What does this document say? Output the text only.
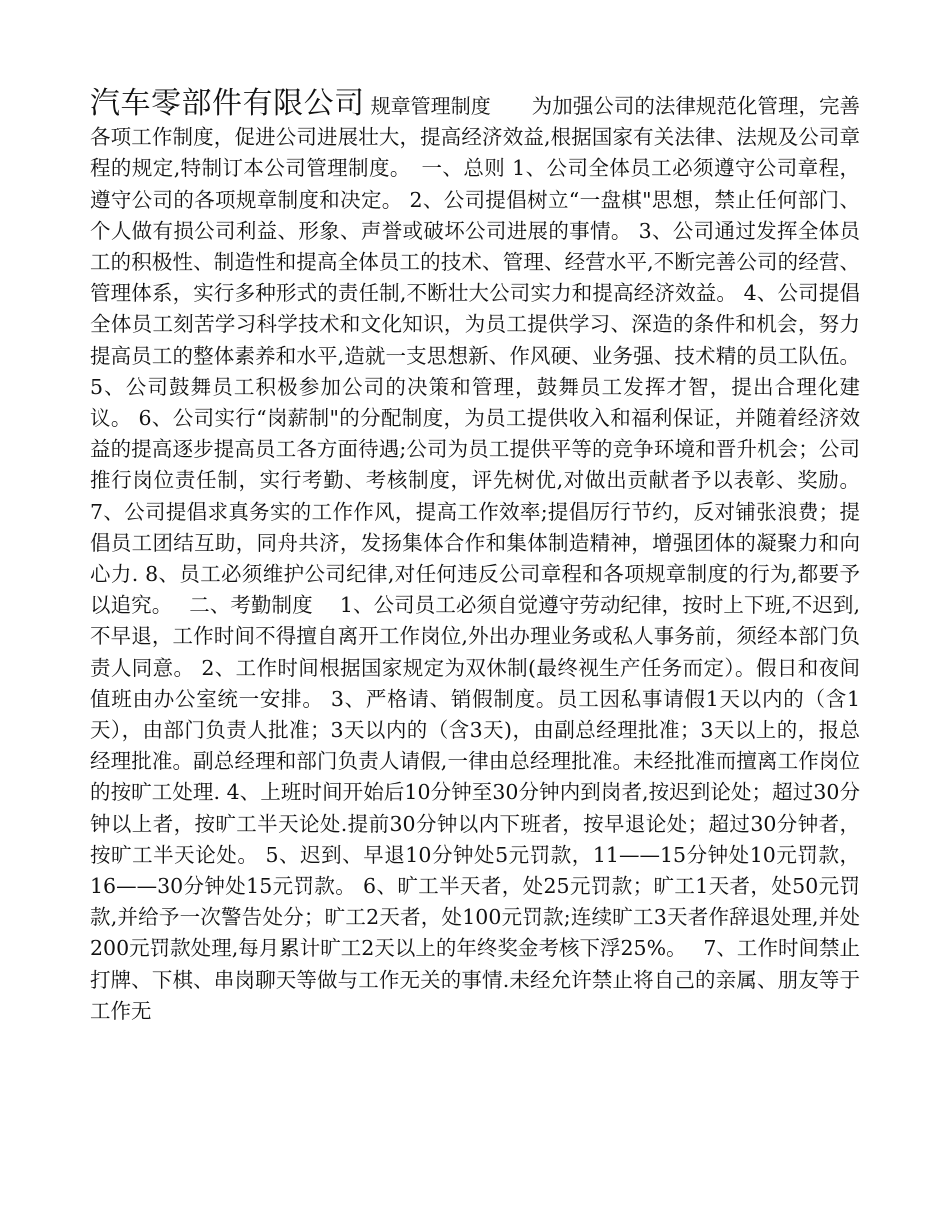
汽车零部件有限公司 规章管理制度　　为加强公司的法律规范化管理，完善各项工作制度，促进公司进展壮大，提高经济效益,根据国家有关法律、法规及公司章程的规定,特制订本公司管理制度。　一、总则 1、公司全体员工必须遵守公司章程，遵守公司的各项规章制度和决定。 2、公司提倡树立“一盘棋"思想，禁止任何部门、个人做有损公司利益、形象、声誉或破坏公司进展的事情。 3、公司通过发挥全体员工的积极性、制造性和提高全体员工的技术、管理、经营水平,不断完善公司的经营、管理体系，实行多种形式的责任制,不断壮大公司实力和提高经济效益。 4、公司提倡全体员工刻苦学习科学技术和文化知识，为员工提供学习、深造的条件和机会，努力提高员工的整体素养和水平,造就一支思想新、作风硬、业务强、技术精的员工队伍。 5、公司鼓舞员工积极参加公司的决策和管理，鼓舞员工发挥才智，提出合理化建议。 6、公司实行“岗薪制"的分配制度，为员工提供收入和福利保证，并随着经济效益的提高逐步提高员工各方面待遇;公司为员工提供平等的竞争环境和晋升机会；公司推行岗位责任制，实行考勤、考核制度，评先树优,对做出贡献者予以表彰、奖励。 7、公司提倡求真务实的工作作风，提高工作效率;提倡厉行节约，反对铺张浪费；提倡员工团结互助，同舟共济，发扬集体合作和集体制造精神，增强团体的凝聚力和向心力. 8、员工必须维护公司纪律,对任何违反公司章程和各项规章制度的行为,都要予以追究。　 二、考勤制度　 1、公司员工必须自觉遵守劳动纪律，按时上下班,不迟到,不早退，工作时间不得擅自离开工作岗位,外出办理业务或私人事务前，须经本部门负责人同意。 2、工作时间根据国家规定为双休制(最终视生产任务而定）。假日和夜间值班由办公室统一安排。 3、严格请、销假制度。员工因私事请假1天以内的（含1天），由部门负责人批准；3天以内的（含3天)，由副总经理批准；3天以上的，报总经理批准。副总经理和部门负责人请假,一律由总经理批准。未经批准而擅离工作岗位的按旷工处理. 4、上班时间开始后10分钟至30分钟内到岗者,按迟到论处；超过30分钟以上者，按旷工半天论处.提前30分钟以内下班者，按早退论处；超过30分钟者，按旷工半天论处。 5、迟到、早退10分钟处5元罚款，11——15分钟处10元罚款，16——30分钟处15元罚款。 6、旷工半天者，处25元罚款；旷工1天者，处50元罚款,并给予一次警告处分；旷工2天者，处100元罚款;连续旷工3天者作辞退处理,并处200元罚款处理,每月累计旷工2天以上的年终奖金考核下浮25%。　 7、工作时间禁止打牌、下棋、串岗聊天等做与工作无关的事情.未经允许禁止将自己的亲属、朋友等于工作无
